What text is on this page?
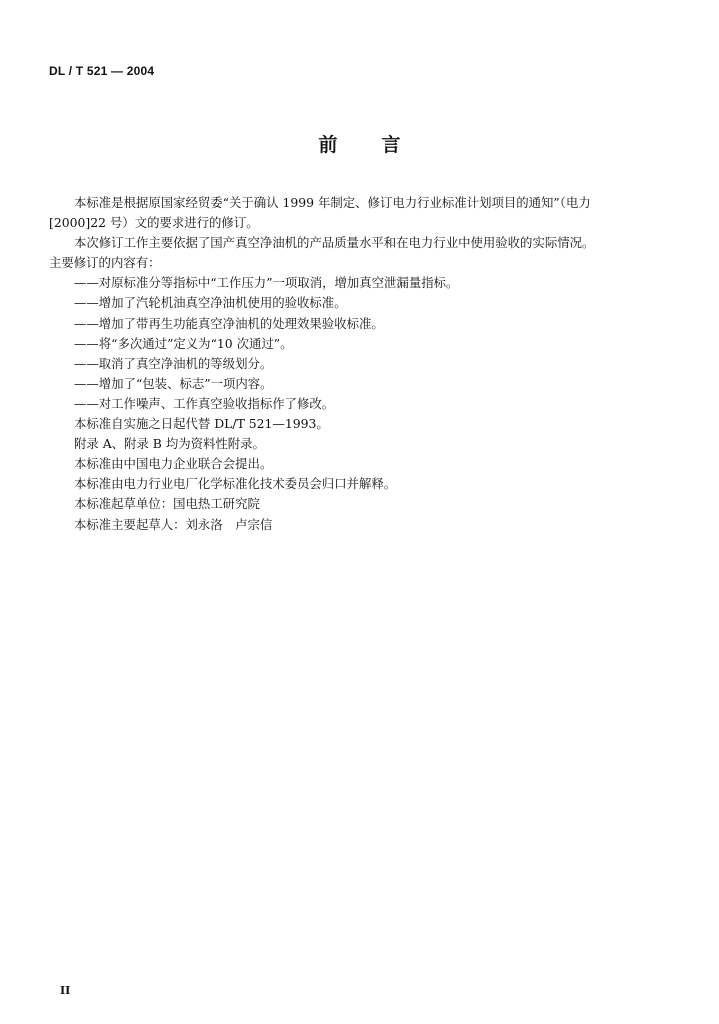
DL / T 521 — 2004
前言
本标准是根据原国家经贸委“关于确认 1999 年制定、修订电力行业标准计划项目的通知”（电力
[2000]22 号）文的要求进行的修订。
本次修订工作主要依据了国产真空净油机的产品质量水平和在电力行业中使用验收的实际情况。
主要修订的内容有：
——对原标准分等指标中“工作压力”一项取消，增加真空泄漏量指标。
——增加了汽轮机油真空净油机使用的验收标准。
——增加了带再生功能真空净油机的处理效果验收标准。
——将“多次通过”定义为“10 次通过”。
——取消了真空净油机的等级划分。
——增加了“包装、标志”一项内容。
——对工作噪声、工作真空验收指标作了修改。
本标准自实施之日起代替 DL/T 521—1993。
附录 A、附录 B 均为资料性附录。
本标准由中国电力企业联合会提出。
本标准由电力行业电厂化学标准化技术委员会归口并解释。
本标准起草单位：国电热工研究院
本标准主要起草人：刘永洛　卢宗信
II
